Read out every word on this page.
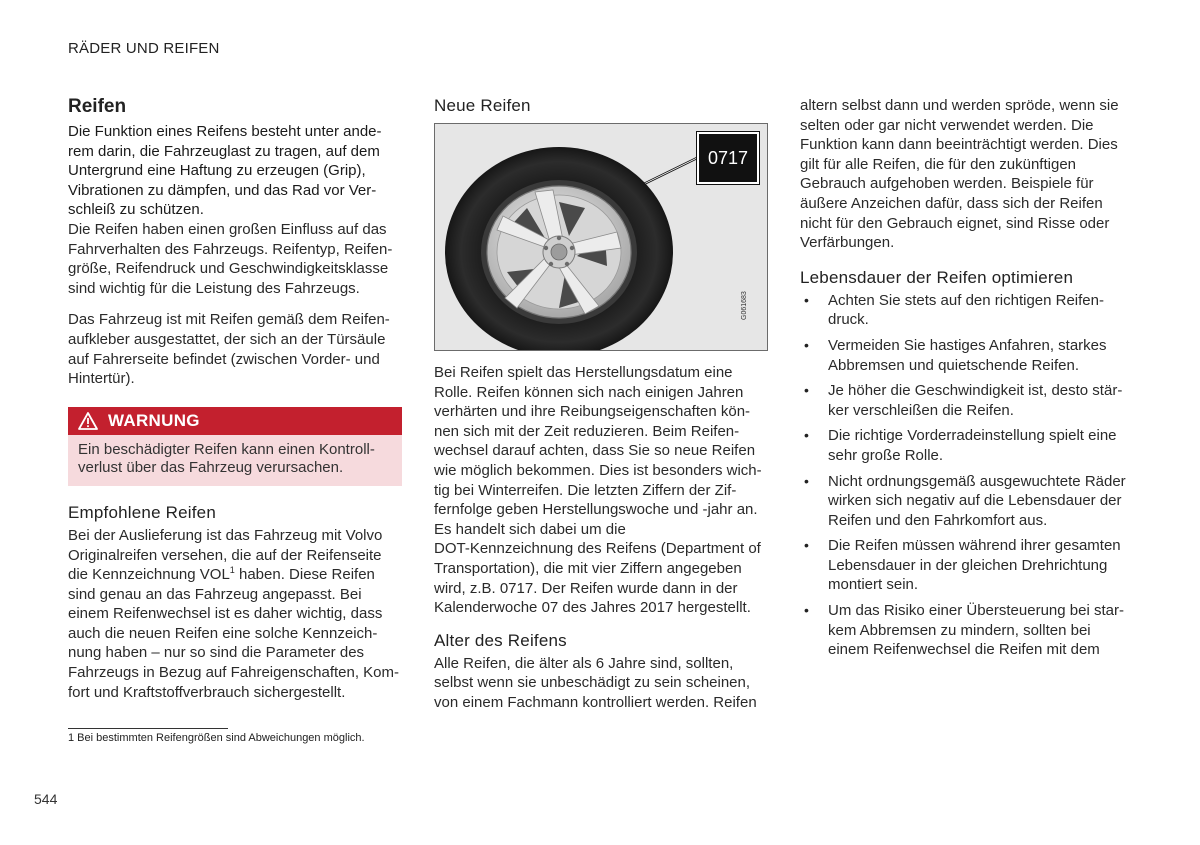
RÄDER UND REIFEN
Reifen

Die Funktion eines Reifens besteht unter ande-

rem darin, die Fahrzeuglast zu tragen, auf dem

Untergrund eine Haftung zu erzeugen (Grip),

Vibrationen zu dämpfen, und das Rad vor Ver-

schleiß zu schützen.

Die Reifen haben einen großen Einfluss auf das

Fahrverhalten des Fahrzeugs. Reifentyp, Reifen-

größe, Reifendruck und Geschwindigkeitsklasse

sind wichtig für die Leistung des Fahrzeugs.

Das Fahrzeug ist mit Reifen gemäß dem Reifen-

aufkleber ausgestattet, der sich an der Türsäule

auf Fahrerseite befindet (zwischen Vorder- und

Hintertür).

WARNUNG
Ein beschädigter Reifen kann einen Kontroll-
verlust über das Fahrzeug verursachen.
Empfohlene Reifen

Bei der Auslieferung ist das Fahrzeug mit Volvo

Originalreifen versehen, die auf der Reifenseite

die Kennzeichnung VOL$^1$ haben. Diese Reifen

sind genau an das Fahrzeug angepasst. Bei

einem Reifenwechsel ist es daher wichtig, dass

auch die neuen Reifen eine solche Kennzeich-

nung haben – nur so sind die Parameter des

Fahrzeugs in Bezug auf Fahreigenschaften, Kom-

fort und Kraftstoffverbrauch sichergestellt.

Neue Reifen
0717
G061683

Bei Reifen spielt das Herstellungsdatum eine

Rolle. Reifen können sich nach einigen Jahren

verhärten und ihre Reibungseigenschaften kön-

nen sich mit der Zeit reduzieren. Beim Reifen-

wechsel darauf achten, dass Sie so neue Reifen

wie möglich bekommen. Dies ist besonders wich-

tig bei Winterreifen. Die letzten Ziffern der Zif-

fernfolge geben Herstellungswoche und -jahr an.

Es handelt sich dabei um die

DOT-Kennzeichnung des Reifens (Department of

Transportation), die mit vier Ziffern angegeben

wird, z.B. 0717. Der Reifen wurde dann in der

Kalenderwoche 07 des Jahres 2017 hergestellt.

Alter des Reifens

Alle Reifen, die älter als 6 Jahre sind, sollten,

selbst wenn sie unbeschädigt zu sein scheinen,

von einem Fachmann kontrolliert werden. Reifen

altern selbst dann und werden spröde, wenn sie

selten oder gar nicht verwendet werden. Die

Funktion kann dann beeinträchtigt werden. Dies

gilt für alle Reifen, die für den zukünftigen

Gebrauch aufgehoben werden. Beispiele für

äußere Anzeichen dafür, dass sich der Reifen

nicht für den Gebrauch eignet, sind Risse oder

Verfärbungen.

Lebensdauer der Reifen optimieren
• Achten Sie stets auf den richtigen Reifen-
druck.
• Vermeiden Sie hastiges Anfahren, starkes
Abbremsen und quietschende Reifen.
• Je höher die Geschwindigkeit ist, desto stär-
ker verschleißen die Reifen.
• Die richtige Vorderradeinstellung spielt eine
sehr große Rolle.
• Nicht ordnungsgemäß ausgewuchtete Räder
wirken sich negativ auf die Lebensdauer der
Reifen und den Fahrkomfort aus.
• Die Reifen müssen während ihrer gesamten
Lebensdauer in der gleichen Drehrichtung
montiert sein.
• Um das Risiko einer Übersteuerung bei star-
kem Abbremsen zu mindern, sollten bei
einem Reifenwechsel die Reifen mit dem
1 Bei bestimmten Reifengrößen sind Abweichungen möglich.
544
